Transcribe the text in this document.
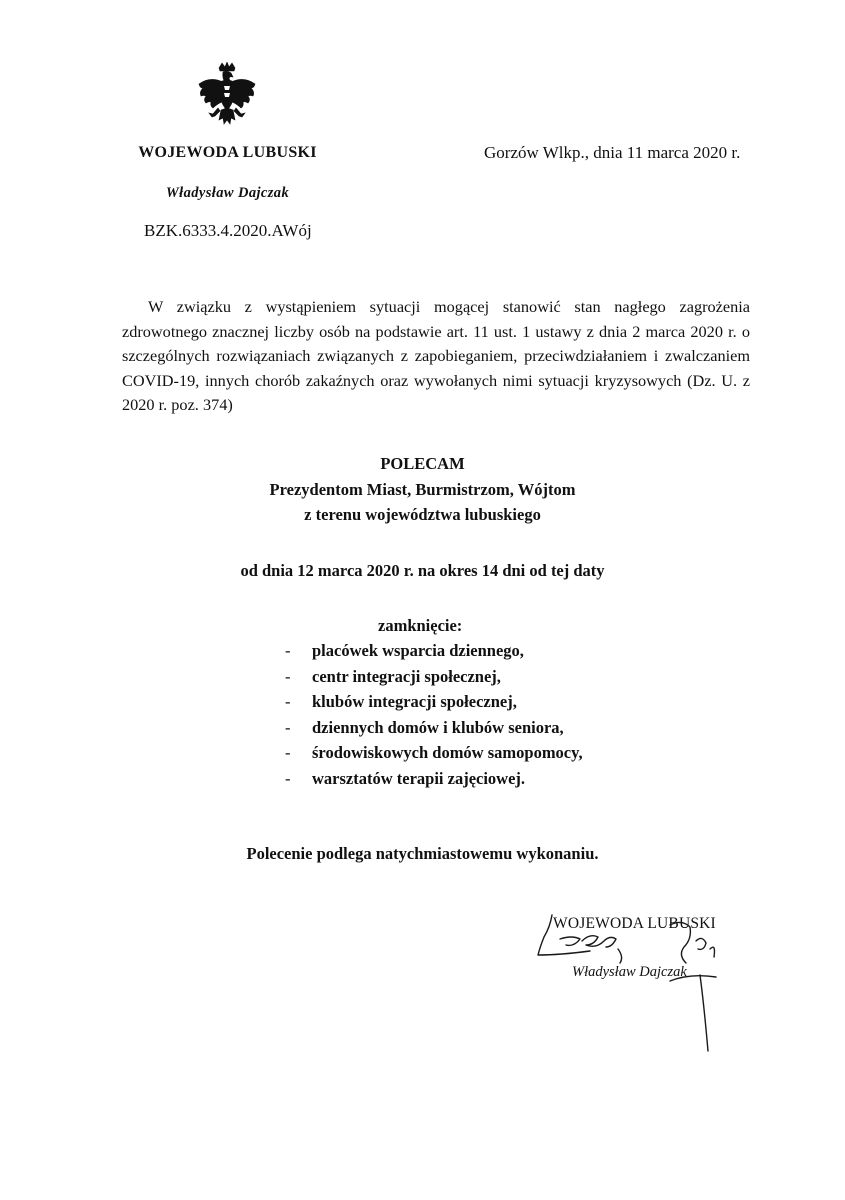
WOJEWODA LUBUSKI	Gorzów Wlkp., dnia 11 marca 2020 r.
Władysław Dajczak
BZK.6333.4.2020.AWój

W związku z wystąpieniem sytuacji mogącej stanowić stan nagłego zagrożenia zdrowotnego znacznej liczby osób na podstawie art. 11 ust. 1 ustawy z dnia 2 marca 2020 r. o szczególnych rozwiązaniach związanych z zapobieganiem, przeciwdziałaniem i zwalczaniem COVID-19, innych chorób zakaźnych oraz wywołanych nimi sytuacji kryzysowych (Dz. U. z 2020 r. poz. 374)

POLECAM
Prezydentom Miast, Burmistrzom, Wójtom
z terenu województwa lubuskiego
od dnia 12 marca 2020 r. na okres 14 dni od tej daty
zamknięcie:
- placówek wsparcia dziennego,
- centr integracji społecznej,
- klubów integracji społecznej,
- dziennych domów i klubów seniora,
- środowiskowych domów samopomocy,
- warsztatów terapii zajęciowej.
Polecenie podlega natychmiastowemu wykonaniu.
WOJEWODA LUBUSKI
Władysław Dajczak
